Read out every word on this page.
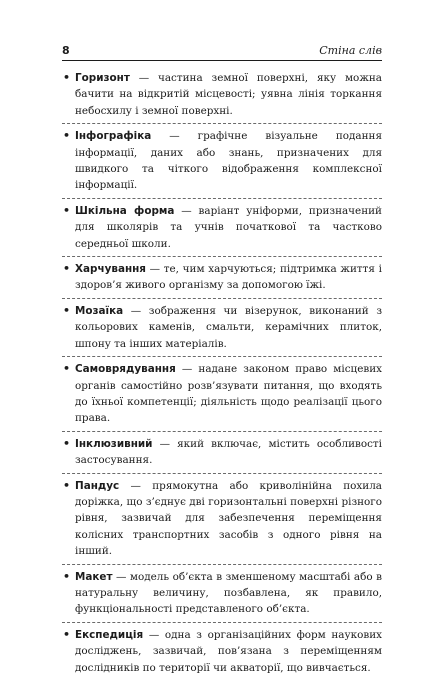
8	Стіна слів
• Горизонт — частина земної поверхні, яку можна бачити на відкритій місцевості; уявна лінія торкання небосхилу і земної поверхні.
• Інфографіка — графічне візуальне подання інформації, даних або знань, призначених для швидкого та чіткого відображення комплексної інформації.
• Шкільна форма — варіант уніформи, призначений для школярів та учнів початкової та частково середньої школи.
• Харчування — те, чим харчуються; підтримка життя і здоров’я живого організму за допомогою їжі.
• Мозаїка — зображення чи візерунок, виконаний з кольорових каменів, смальти, керамічних плиток, шпону та інших матеріалів.
• Самоврядування — надане законом право місцевих органів самостійно розв’язувати питання, що входять до їхньої компетенції; діяльність щодо реалізації цього права.
• Інклюзивний — який включає, містить особливості застосування.
• Пандус — прямокутна або криволінійна похила доріжка, що з’єднує дві горизонтальні поверхні різного рівня, зазвичай для забезпечення переміщення колісних транспортних засобів з одного рівня на інший.
• Макет — модель об’єкта в зменшеному масштабі або в натуральну величину, позбавлена, як правило, функціональності представленого об’єкта.
• Експедиція — одна з організаційних форм наукових досліджень, зазвичай, пов’язана з переміщенням дослідників по території чи акваторії, що вивчається.
